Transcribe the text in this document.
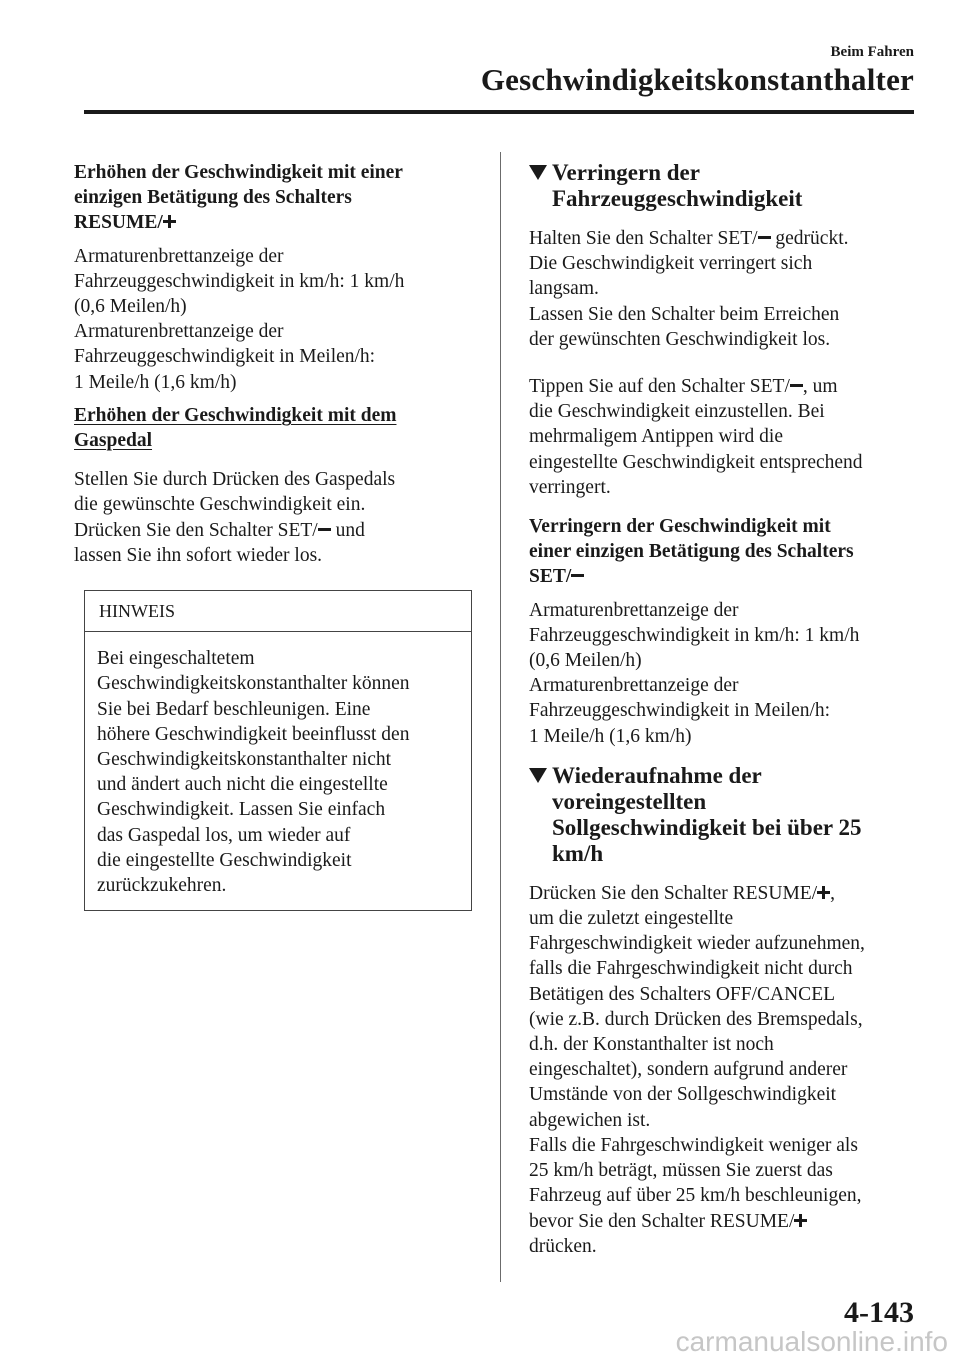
Beim Fahren
Geschwindigkeitskonstanthalter

Erhöhen der Geschwindigkeit mit einer
einzigen Betätigung des Schalters
RESUME/

Armaturenbrettanzeige der
Fahrzeuggeschwindigkeit in km/h: 1 km/h
(0,6 Meilen/h)
Armaturenbrettanzeige der
Fahrzeuggeschwindigkeit in Meilen/h:
1 Meile/h (1,6 km/h)

Erhöhen der Geschwindigkeit mit dem
Gaspedal

Stellen Sie durch Drücken des Gaspedals
die gewünschte Geschwindigkeit ein.
Drücken Sie den Schalter SET/ und
lassen Sie ihn sofort wieder los.

HINWEIS
Bei eingeschaltetem
Geschwindigkeitskonstanthalter können
Sie bei Bedarf beschleunigen. Eine
höhere Geschwindigkeit beeinflusst den
Geschwindigkeitskonstanthalter nicht
und ändert auch nicht die eingestellte
Geschwindigkeit. Lassen Sie einfach
das Gaspedal los, um wieder auf
die eingestellte Geschwindigkeit
zurückzukehren.
Verringern der
Fahrzeuggeschwindigkeit

Halten Sie den Schalter SET/ gedrückt.
Die Geschwindigkeit verringert sich
langsam.
Lassen Sie den Schalter beim Erreichen
der gewünschten Geschwindigkeit los.

Tippen Sie auf den Schalter SET/ , um
die Geschwindigkeit einzustellen. Bei
mehrmaligem Antippen wird die
eingestellte Geschwindigkeit entsprechend
verringert.

Verringern der Geschwindigkeit mit
einer einzigen Betätigung des Schalters
SET/

Armaturenbrettanzeige der
Fahrzeuggeschwindigkeit in km/h: 1 km/h
(0,6 Meilen/h)
Armaturenbrettanzeige der
Fahrzeuggeschwindigkeit in Meilen/h:
1 Meile/h (1,6 km/h)

Wiederaufnahme der
voreingestellten
Sollgeschwindigkeit bei über 25
km/h

Drücken Sie den Schalter RESUME/ ,
um die zuletzt eingestellte
Fahrgeschwindigkeit wieder aufzunehmen,
falls die Fahrgeschwindigkeit nicht durch
Betätigen des Schalters OFF/CANCEL
(wie z.B. durch Drücken des Bremspedals,
d.h. der Konstanthalter ist noch
eingeschaltet), sondern aufgrund anderer
Umstände von der Sollgeschwindigkeit
abgewichen ist.
Falls die Fahrgeschwindigkeit weniger als
25 km/h beträgt, müssen Sie zuerst das
Fahrzeug auf über 25 km/h beschleunigen,
bevor Sie den Schalter RESUME/
drücken.

4-143
carmanualsonline.info
